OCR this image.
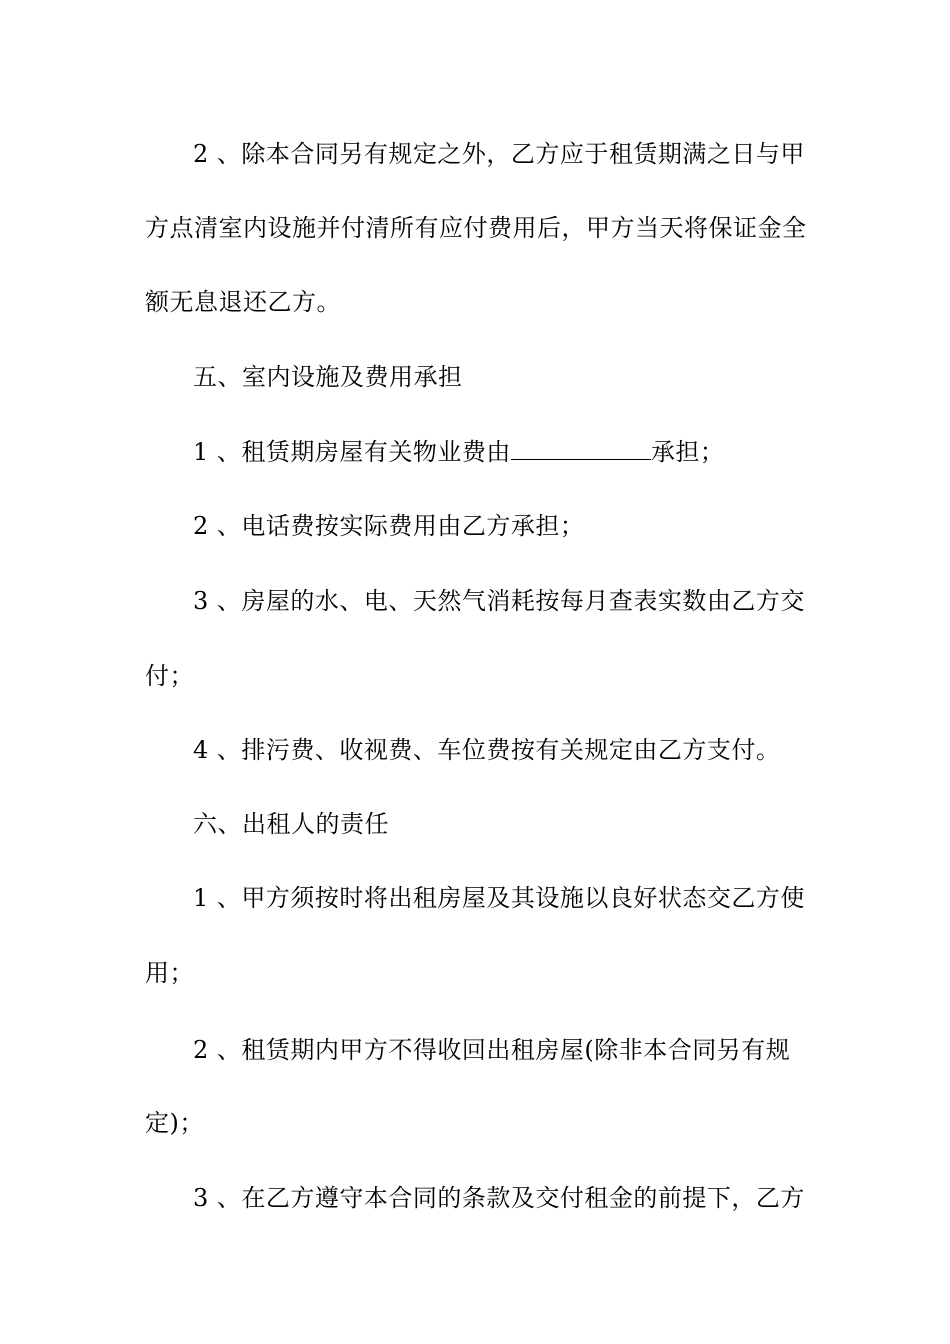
2 、除本合同另有规定之外，乙方应于租赁期满之日与甲
方点清室内设施并付清所有应付费用后，甲方当天将保证金全
额无息退还乙方。
五、室内设施及费用承担
1 、租赁期房屋有关物业费由	承担；
2 、电话费按实际费用由乙方承担；
3 、房屋的水、电、天然气消耗按每月查表实数由乙方交
付；
4 、排污费、收视费、车位费按有关规定由乙方支付。
六、出租人的责任
1 、甲方须按时将出租房屋及其设施以良好状态交乙方使
用；
2 、租赁期内甲方不得收回出租房屋(除非本合同另有规
定)；
3 、在乙方遵守本合同的条款及交付租金的前提下，乙方
